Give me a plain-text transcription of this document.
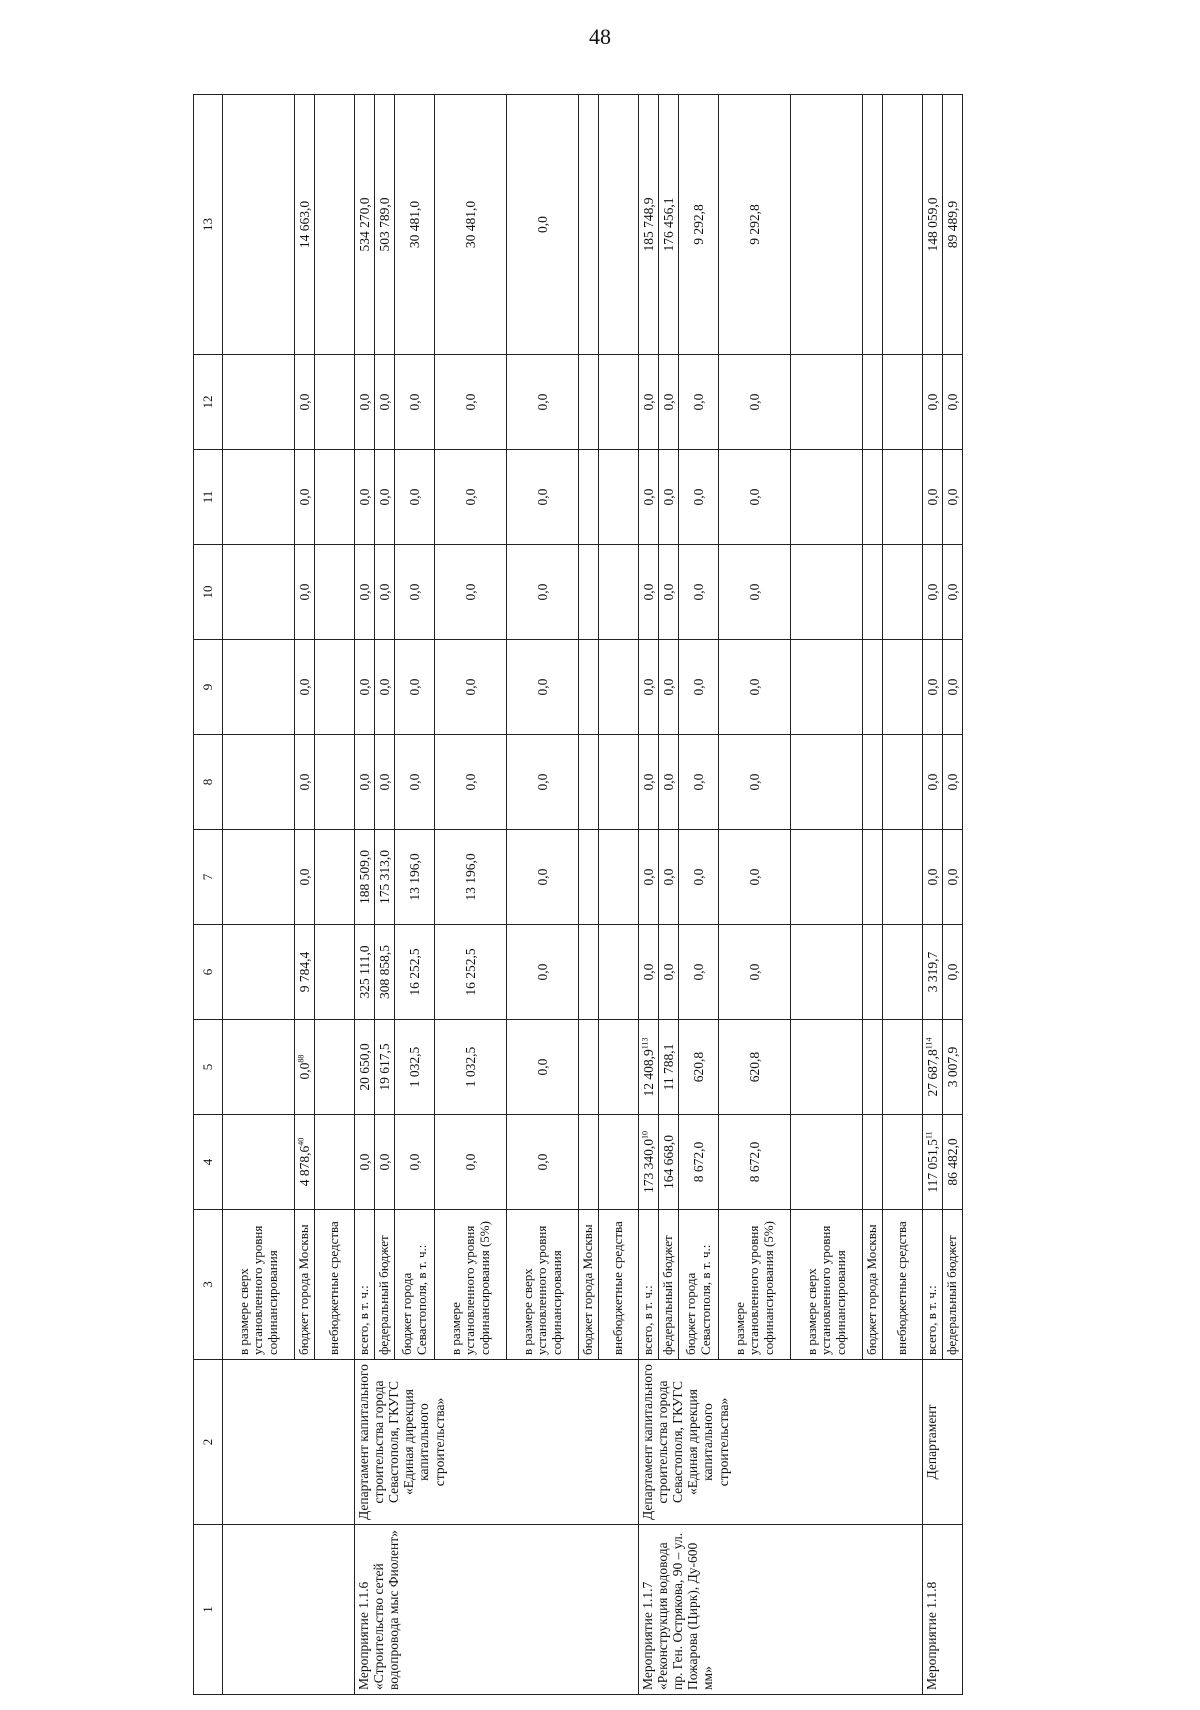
48
1	2	3	4	5	6	7	8	9	10	11	12	13
		в размере сверх установленного уровня софинансирования										
		бюджет города Москвы	4 878,6$^{40}$	$0,0^{88}$	9 784,4	0,0	0,0	0,0	0,0	0,0	0,0	14 663,0
		внебюджетные средства										
Мероприятие 1.1.6 «Строительство сетей водопровода мыс Фиолент»	Департамент капитального строительства города Севастополя, ГКУГС «Единая дирекция капитального строительства»	всего, в т. ч.:	0,0	20 650,0	325 111,0	188 509,0	0,0	0,0	0,0	0,0	0,0	534 270,0
		федеральный бюджет	0,0	19 617,5	308 858,5	175 313,0	0,0	0,0	0,0	0,0	0,0	503 789,0
		бюджет города Севастополя, в т. ч.:	0,0	1 032,5	16 252,5	13 196,0	0,0	0,0	0,0	0,0	0,0	30 481,0
		в размере установленного уровня софинансирования (5%)	0,0	1 032,5	16 252,5	13 196,0	0,0	0,0	0,0	0,0	0,0	30 481,0
		в размере сверх установленного уровня софинансирования	0,0	0,0	0,0	0,0	0,0	0,0	0,0	0,0	0,0	0,0
		бюджет города Москвы										
		внебюджетные средства										
Мероприятие 1.1.7 «Реконструкция водовода пр. Ген. Острякова, 90 – ул. Пожарова (Цирк), Ду-600 мм»	Департамент капитального строительства города Севастополя, ГКУГС «Единая дирекция капитального строительства»	всего, в т. ч.:	173 340,0$^{10}$	12 408,9$^{113}$	0,0	0,0	0,0	0,0	0,0	0,0	0,0	185 748,9
		федеральный бюджет	164 668,0	11 788,1	0,0	0,0	0,0	0,0	0,0	0,0	0,0	176 456,1
		бюджет города Севастополя, в т. ч.:	8 672,0	620,8	0,0	0,0	0,0	0,0	0,0	0,0	0,0	9 292,8
		в размере установленного уровня софинансирования (5%)	8 672,0	620,8	0,0	0,0	0,0	0,0	0,0	0,0	0,0	9 292,8
		в размере сверх установленного уровня софинансирования										
		бюджет города Москвы										
		внебюджетные средства										
Мероприятие 1.1.8	Департамент	всего, в т. ч.:	117 051,5$^{11}$	27 687,8$^{114}$	3 319,7	0,0	0,0	0,0	0,0	0,0	0,0	148 059,0
		федеральный бюджет	86 482,0	3 007,9	0,0	0,0	0,0	0,0	0,0	0,0	0,0	89 489,9
